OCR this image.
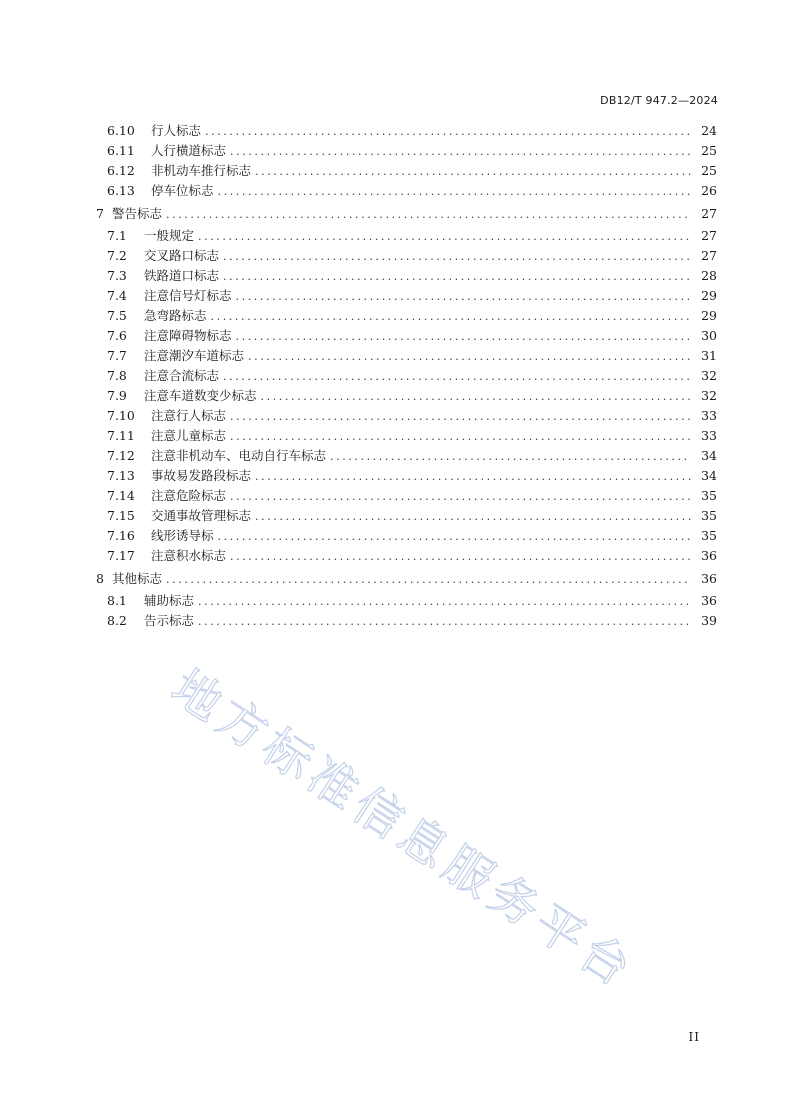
DB12/T 947.2—2024
6.10	行人标志 .....	24
6.11	人行横道标志 .....	25
6.12	非机动车推行标志 .....	25
6.13	停车位标志 .....	26
7 警告标志 .....	27
7.1	一般规定 .....	27
7.2	交叉路口标志 .....	27
7.3	铁路道口标志 .....	28
7.4	注意信号灯标志 .....	29
7.5	急弯路标志 .....	29
7.6	注意障碍物标志 .....	30
7.7	注意潮汐车道标志 .....	31
7.8	注意合流标志 .....	32
7.9	注意车道数变少标志 .....	32
7.10	注意行人标志 .....	33
7.11	注意儿童标志 .....	33
7.12	注意非机动车、电动自行车标志 .....	34
7.13	事故易发路段标志 .....	34
7.14	注意危险标志 .....	35
7.15	交通事故管理标志 .....	35
7.16	线形诱导标 .....	35
7.17	注意积水标志 .....	36
8 其他标志 .....	36
8.1	辅助标志 .....	36
8.2	告示标志 .....	39
地方标准信息服务平台
II
